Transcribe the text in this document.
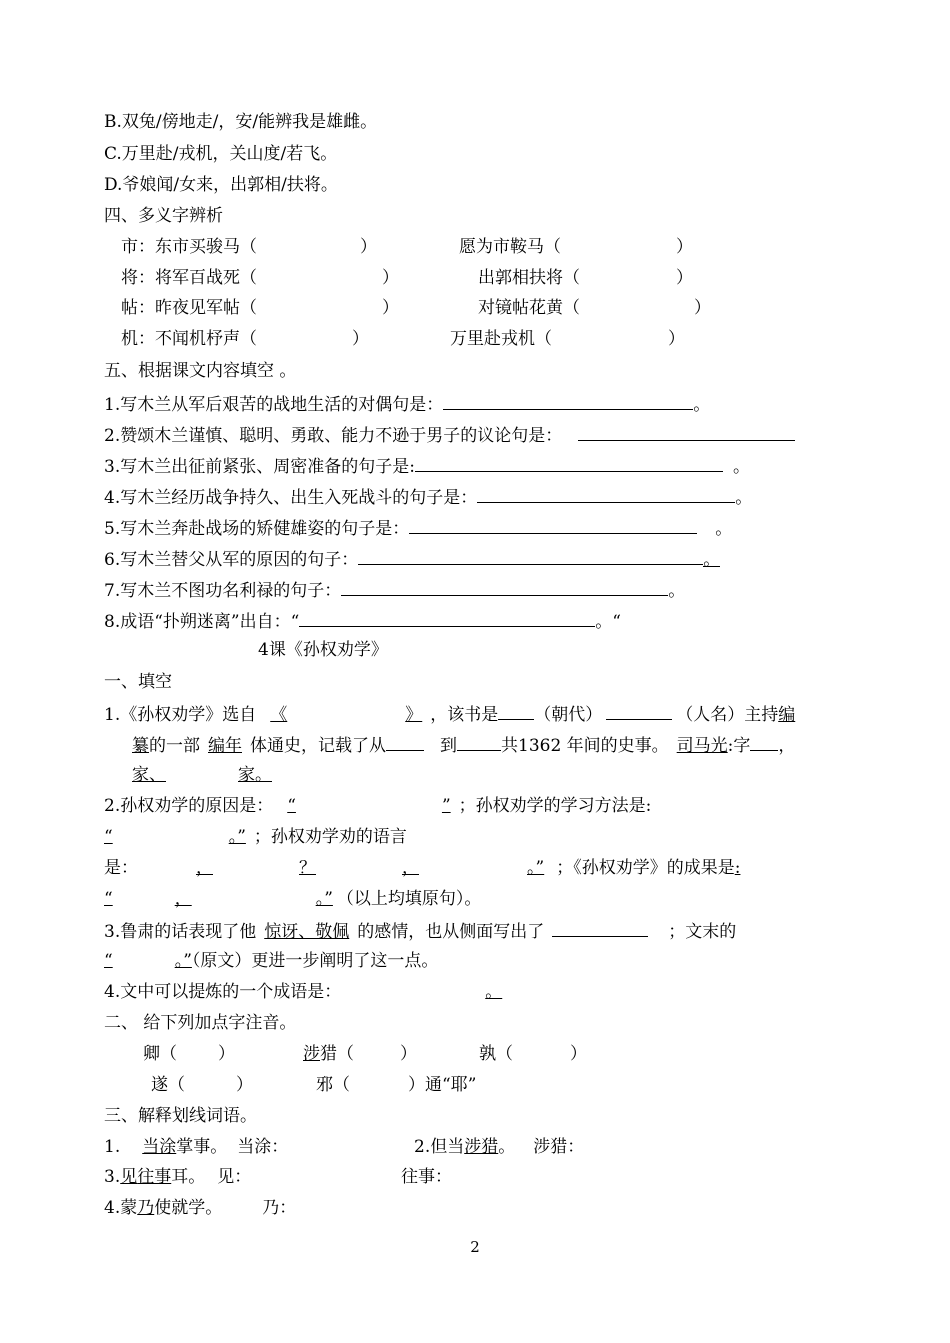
B.双兔/傍地走/，安/能辨我是雄雌。
C.万里赴/戎机，关山度/若飞。
D.爷娘闻/女来，出郭相/扶将。
四、多义字辨析
市：东市买骏马（	）	愿为市鞍马（	）
将：将军百战死（	）	出郭相扶将（	）
帖：昨夜见军帖（	）	对镜帖花黄（	）
机：不闻机杼声（	）	万里赴戎机（	）
五、根据课文内容填空 。
1.写木兰从军后艰苦的战地生活的对偶句是：	。
2.赞颂木兰谨慎、聪明、勇敢、能力不逊于男子的议论句是：
3.写木兰出征前紧张、周密准备的句子是:	。
4.写木兰经历战争持久、出生入死战斗的句子是：	。
5.写木兰奔赴战场的矫健雄姿的句子是：	。
6.写木兰替父从军的原因的句子：	。
7.写木兰不图功名利禄的句子：	。
8.成语“扑朔迷离”出自：“	。“
4课《孙权劝学》
一、填空
1.《孙权劝学》选自 《	》 ，该书是 （朝代）	（人名）主持编
纂的一部 编年 体通史，记载了从	到	共1362 年间的史事。 司马光:字 ，
家、	家。
2.孙权劝学的原因是： “	” ；孙权劝学的学习方法是:
“	。” ；孙权劝学劝的语言
是：	，	？	，	。” ；《孙权劝学》的成果是:
“	，	。” （以上均填原句）。
3.鲁肃的话表现了他 惊讶、敬佩 的感情，也从侧面写出了	；文末的
“	。”（原文）更进一步阐明了这一点。
4.文中可以提炼的一个成语是：	。
二、 给下列加点字注音。
卿（ ）	涉猎（	）	孰（	）
遂（	）	邪（	）通“耶”
三、解释划线词语。
1. 当涂掌事。 当涂：	2.但当涉猎。 涉猎：
3.见往事耳。 见：	往事：
4.蒙乃使就学。 乃：
2
